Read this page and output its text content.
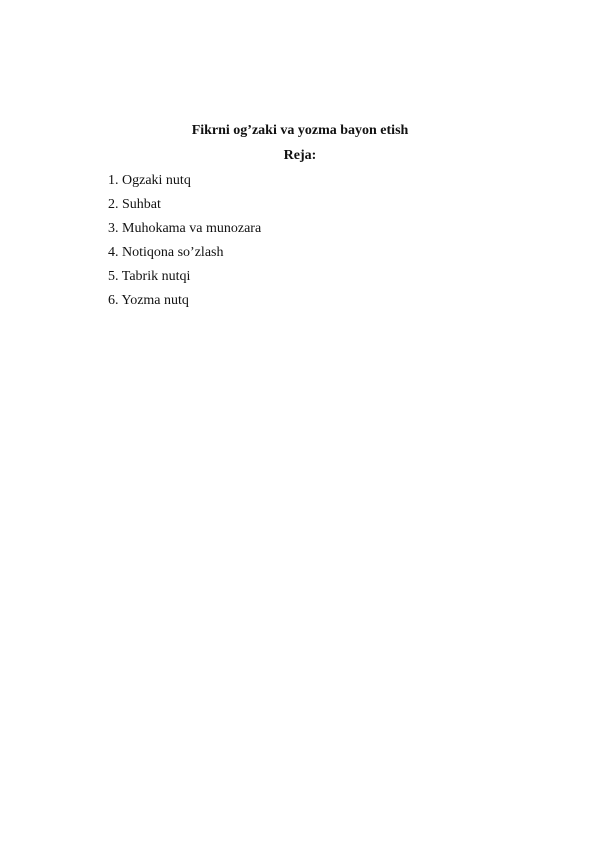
Fikrni og’zaki va yozma bayon etish
Reja:
1. Ogzaki nutq
2. Suhbat
3. Muhokama va munozara
4. Notiqona so’zlash
5. Tabrik nutqi
6. Yozma nutq
